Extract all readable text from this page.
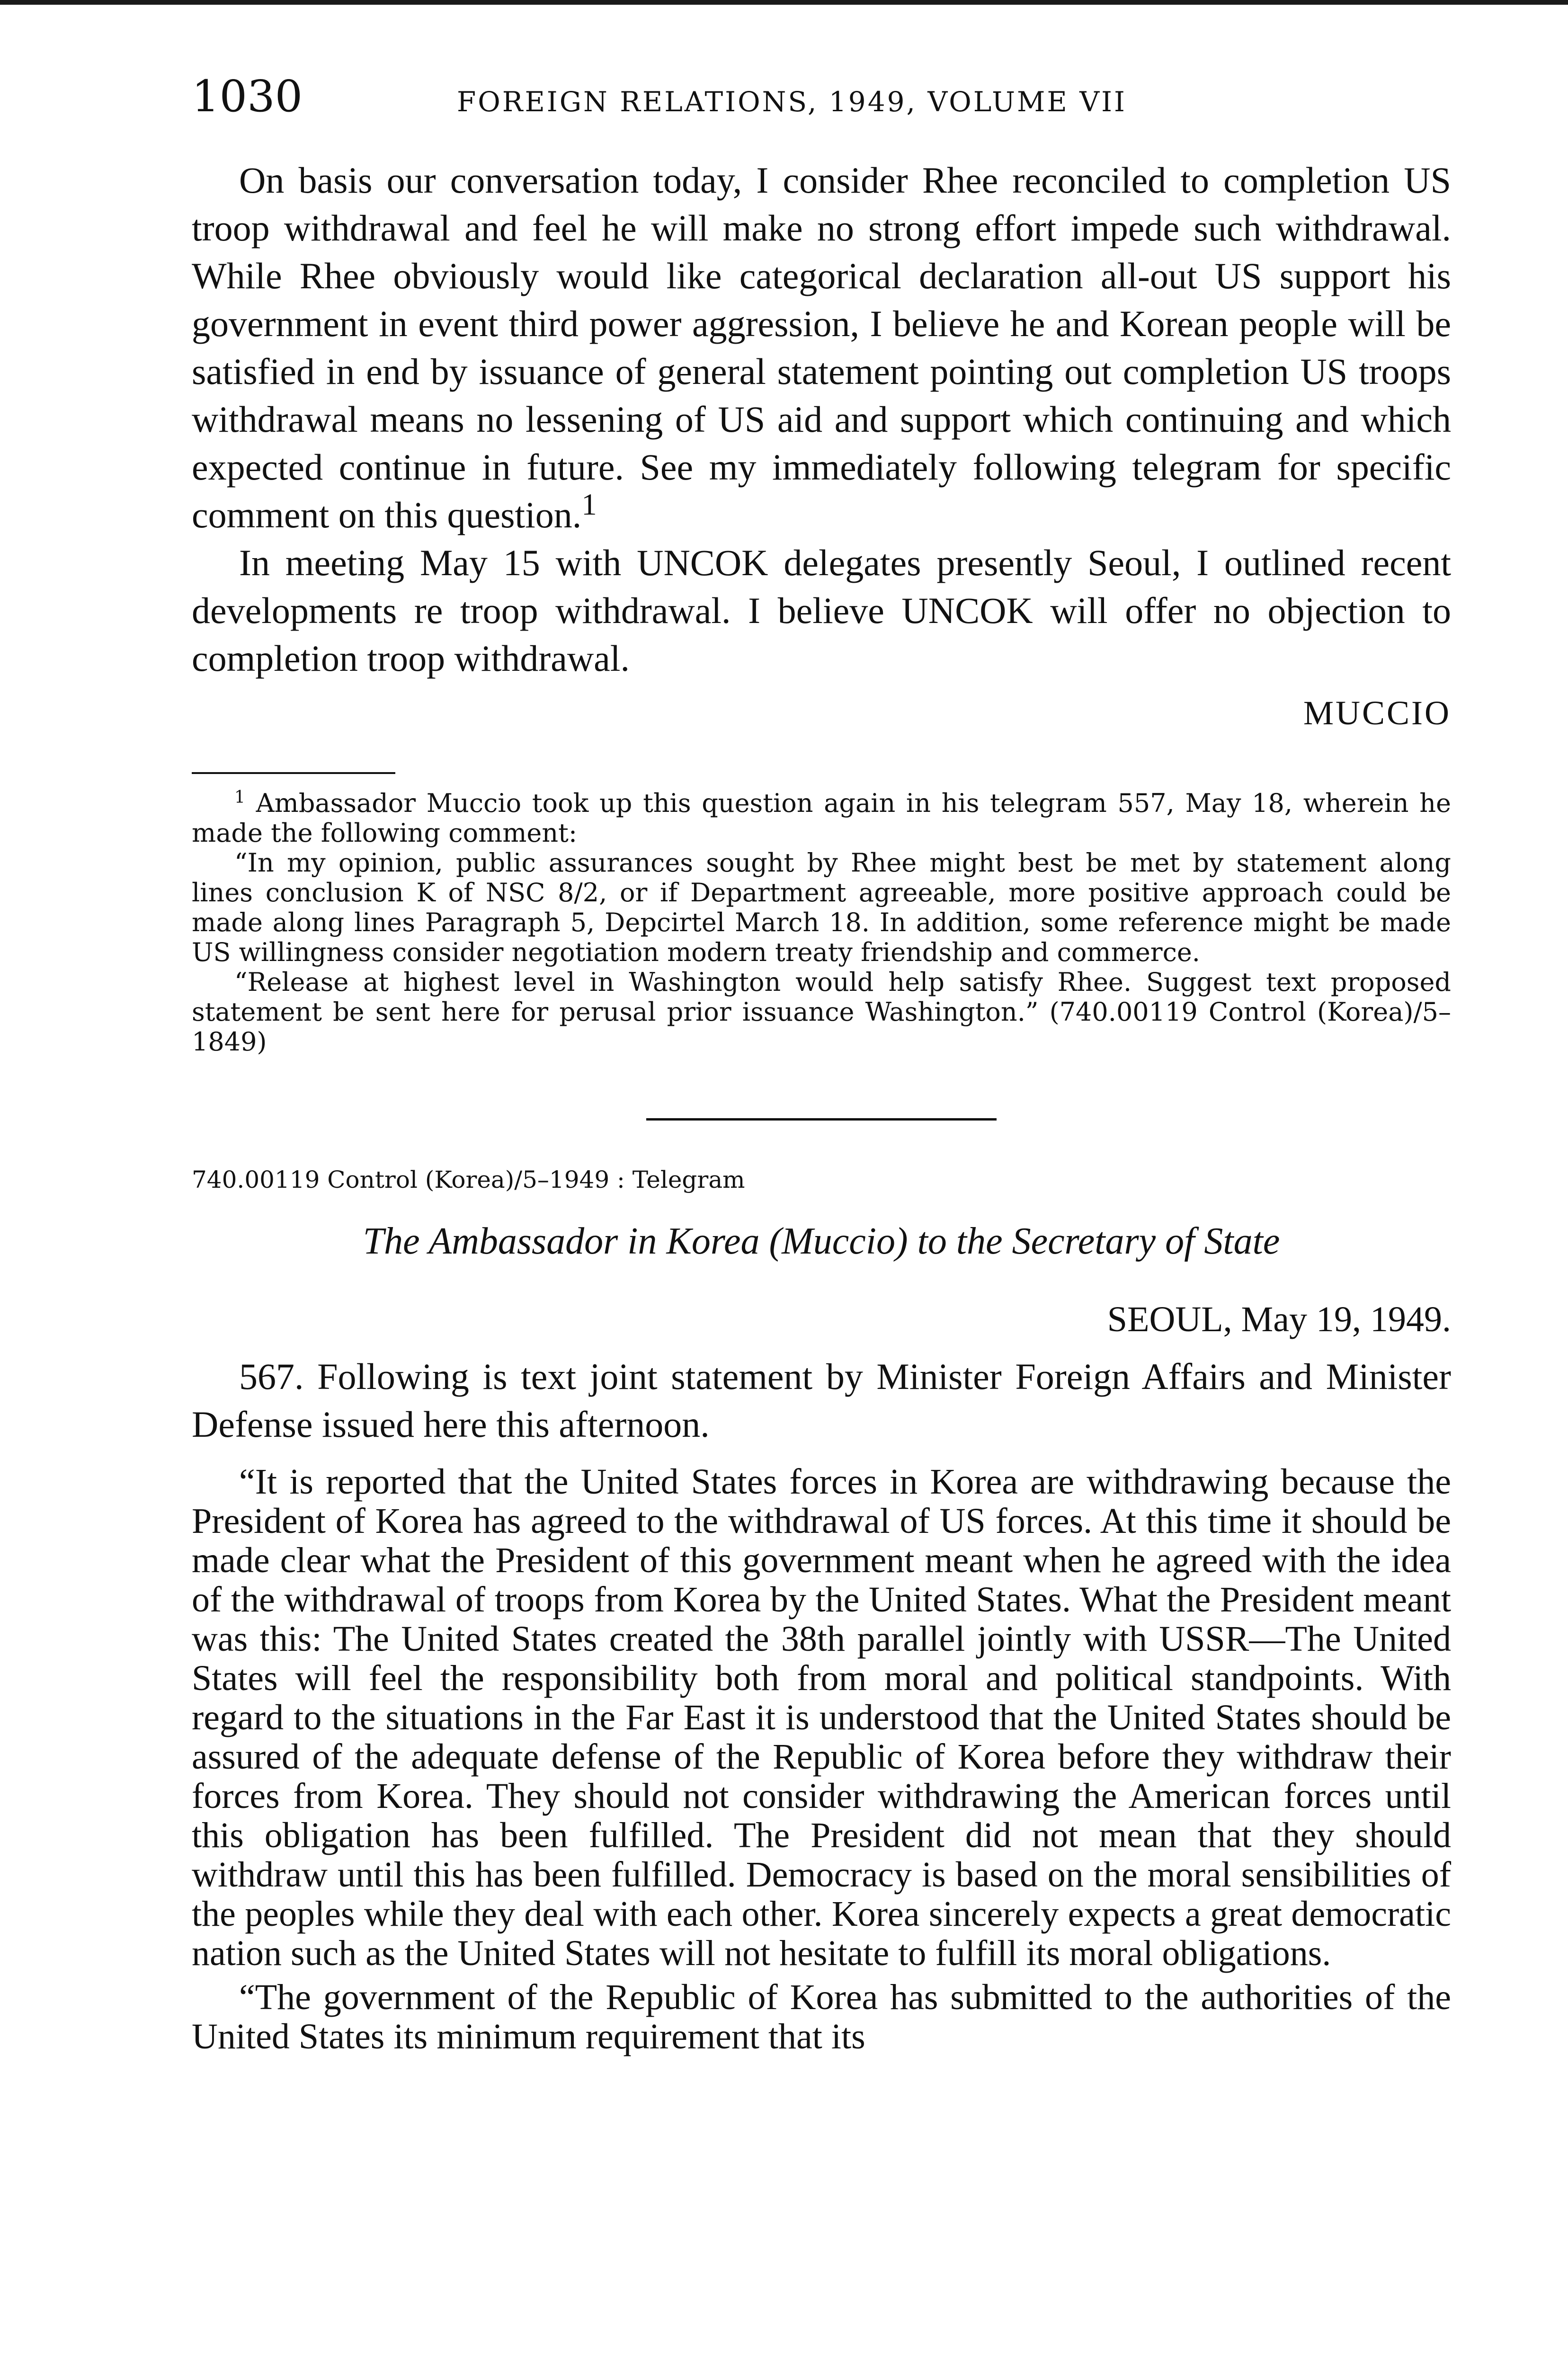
1030	FOREIGN RELATIONS, 1949, VOLUME VII

On basis our conversation today, I consider Rhee reconciled to completion US troop withdrawal and feel he will make no strong effort impede such withdrawal. While Rhee obviously would like categorical declaration all-out US support his government in event third power aggression, I believe he and Korean people will be satisfied in end by issuance of general statement pointing out completion US troops withdrawal means no lessening of US aid and support which continuing and which expected continue in future. See my immediately following telegram for specific comment on this question.$^1$

In meeting May 15 with UNCOK delegates presently Seoul, I outlined recent developments re troop withdrawal. I believe UNCOK will offer no objection to completion troop withdrawal.

MUCCIO

$^1$ Ambassador Muccio took up this question again in his telegram 557, May 18, wherein he made the following comment:

“In my opinion, public assurances sought by Rhee might best be met by statement along lines conclusion K of NSC 8/2, or if Department agreeable, more positive approach could be made along lines Paragraph 5, Depcirtel March 18. In addition, some reference might be made US willingness consider negotiation modern treaty friendship and commerce.

“Release at highest level in Washington would help satisfy Rhee. Suggest text proposed statement be sent here for perusal prior issuance Washington.” (740.00119 Control (Korea)/5–1849)

740.00119 Control (Korea)/5–1949 : Telegram
The Ambassador in Korea (Muccio) to the Secretary of State
SEOUL, May 19, 1949.

567. Following is text joint statement by Minister Foreign Affairs and Minister Defense issued here this afternoon.

“It is reported that the United States forces in Korea are withdrawing because the President of Korea has agreed to the withdrawal of US forces. At this time it should be made clear what the President of this government meant when he agreed with the idea of the withdrawal of troops from Korea by the United States. What the President meant was this: The United States created the 38th parallel jointly with USSR—The United States will feel the responsibility both from moral and political standpoints. With regard to the situations in the Far East it is understood that the United States should be assured of the adequate defense of the Republic of Korea before they withdraw their forces from Korea. They should not consider withdrawing the American forces until this obligation has been fulfilled. The President did not mean that they should withdraw until this has been fulfilled. Democracy is based on the moral sensibilities of the peoples while they deal with each other. Korea sincerely expects a great democratic nation such as the United States will not hesitate to fulfill its moral obligations.

“The government of the Republic of Korea has submitted to the authorities of the United States its minimum requirement that its
